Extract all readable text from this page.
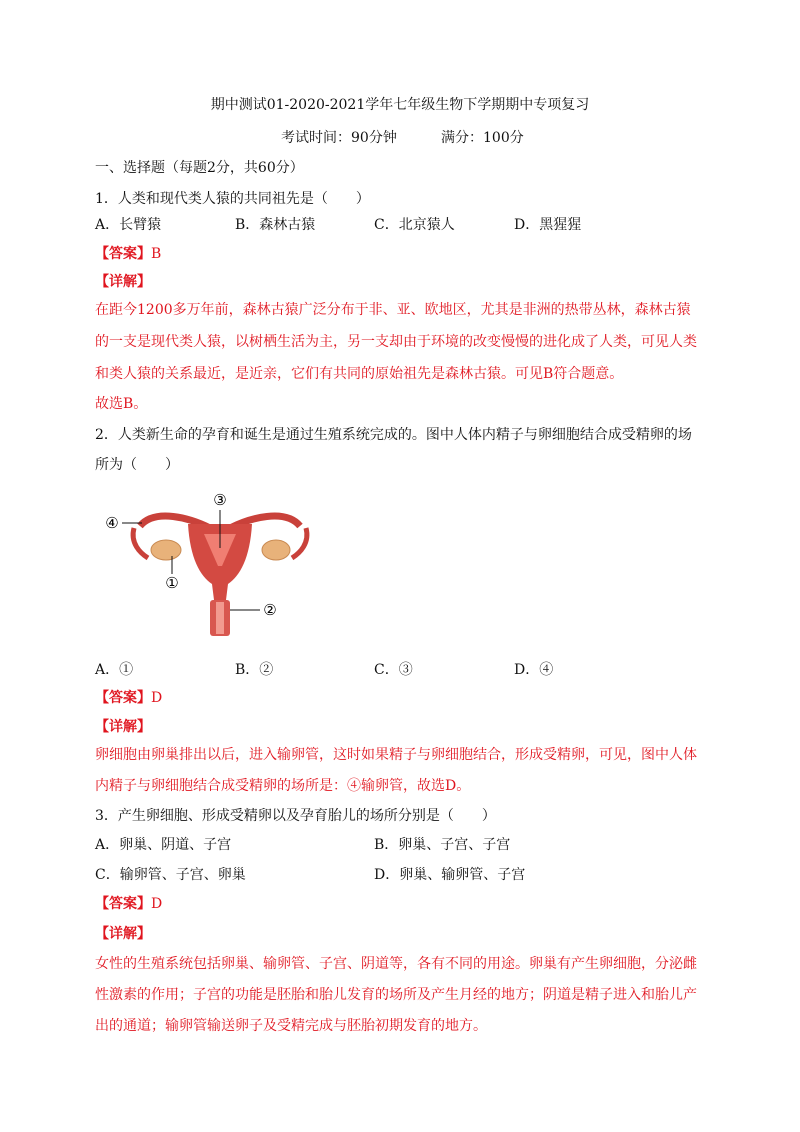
期中测试01-2020-2021学年七年级生物下学期期中专项复习
考试时间：90分钟	满分：100分
一、选择题（每题2分，共60分）
1．人类和现代类人猿的共同祖先是（　　）
A．长臂猿	B．森林古猿	C．北京猿人	D．黑猩猩
【答案】B
【详解】
在距今1200多万年前，森林古猿广泛分布于非、亚、欧地区，尤其是非洲的热带丛林，森林古猿
的一支是现代类人猿，以树栖生活为主，另一支却由于环境的改变慢慢的进化成了人类，可见人类
和类人猿的关系最近，是近亲，它们有共同的原始祖先是森林古猿。可见B符合题意。
故选B。
2．人类新生命的孕育和诞生是通过生殖系统完成的。图中人体内精子与卵细胞结合成受精卵的场
所为（　　）
③
④
①
②
A．①	B．②	C．③	D．④
【答案】D
【详解】
卵细胞由卵巢排出以后，进入输卵管，这时如果精子与卵细胞结合，形成受精卵，可见，图中人体
内精子与卵细胞结合成受精卵的场所是：④输卵管，故选D。
3．产生卵细胞、形成受精卵以及孕育胎儿的场所分别是（　　）
A．卵巢、阴道、子宫	B．卵巢、子宫、子宫
C．输卵管、子宫、卵巢	D．卵巢、输卵管、子宫
【答案】D
【详解】
女性的生殖系统包括卵巢、输卵管、子宫、阴道等，各有不同的用途。卵巢有产生卵细胞，分泌雌
性激素的作用；子宫的功能是胚胎和胎儿发育的场所及产生月经的地方；阴道是精子进入和胎儿产
出的通道；输卵管输送卵子及受精完成与胚胎初期发育的地方。
